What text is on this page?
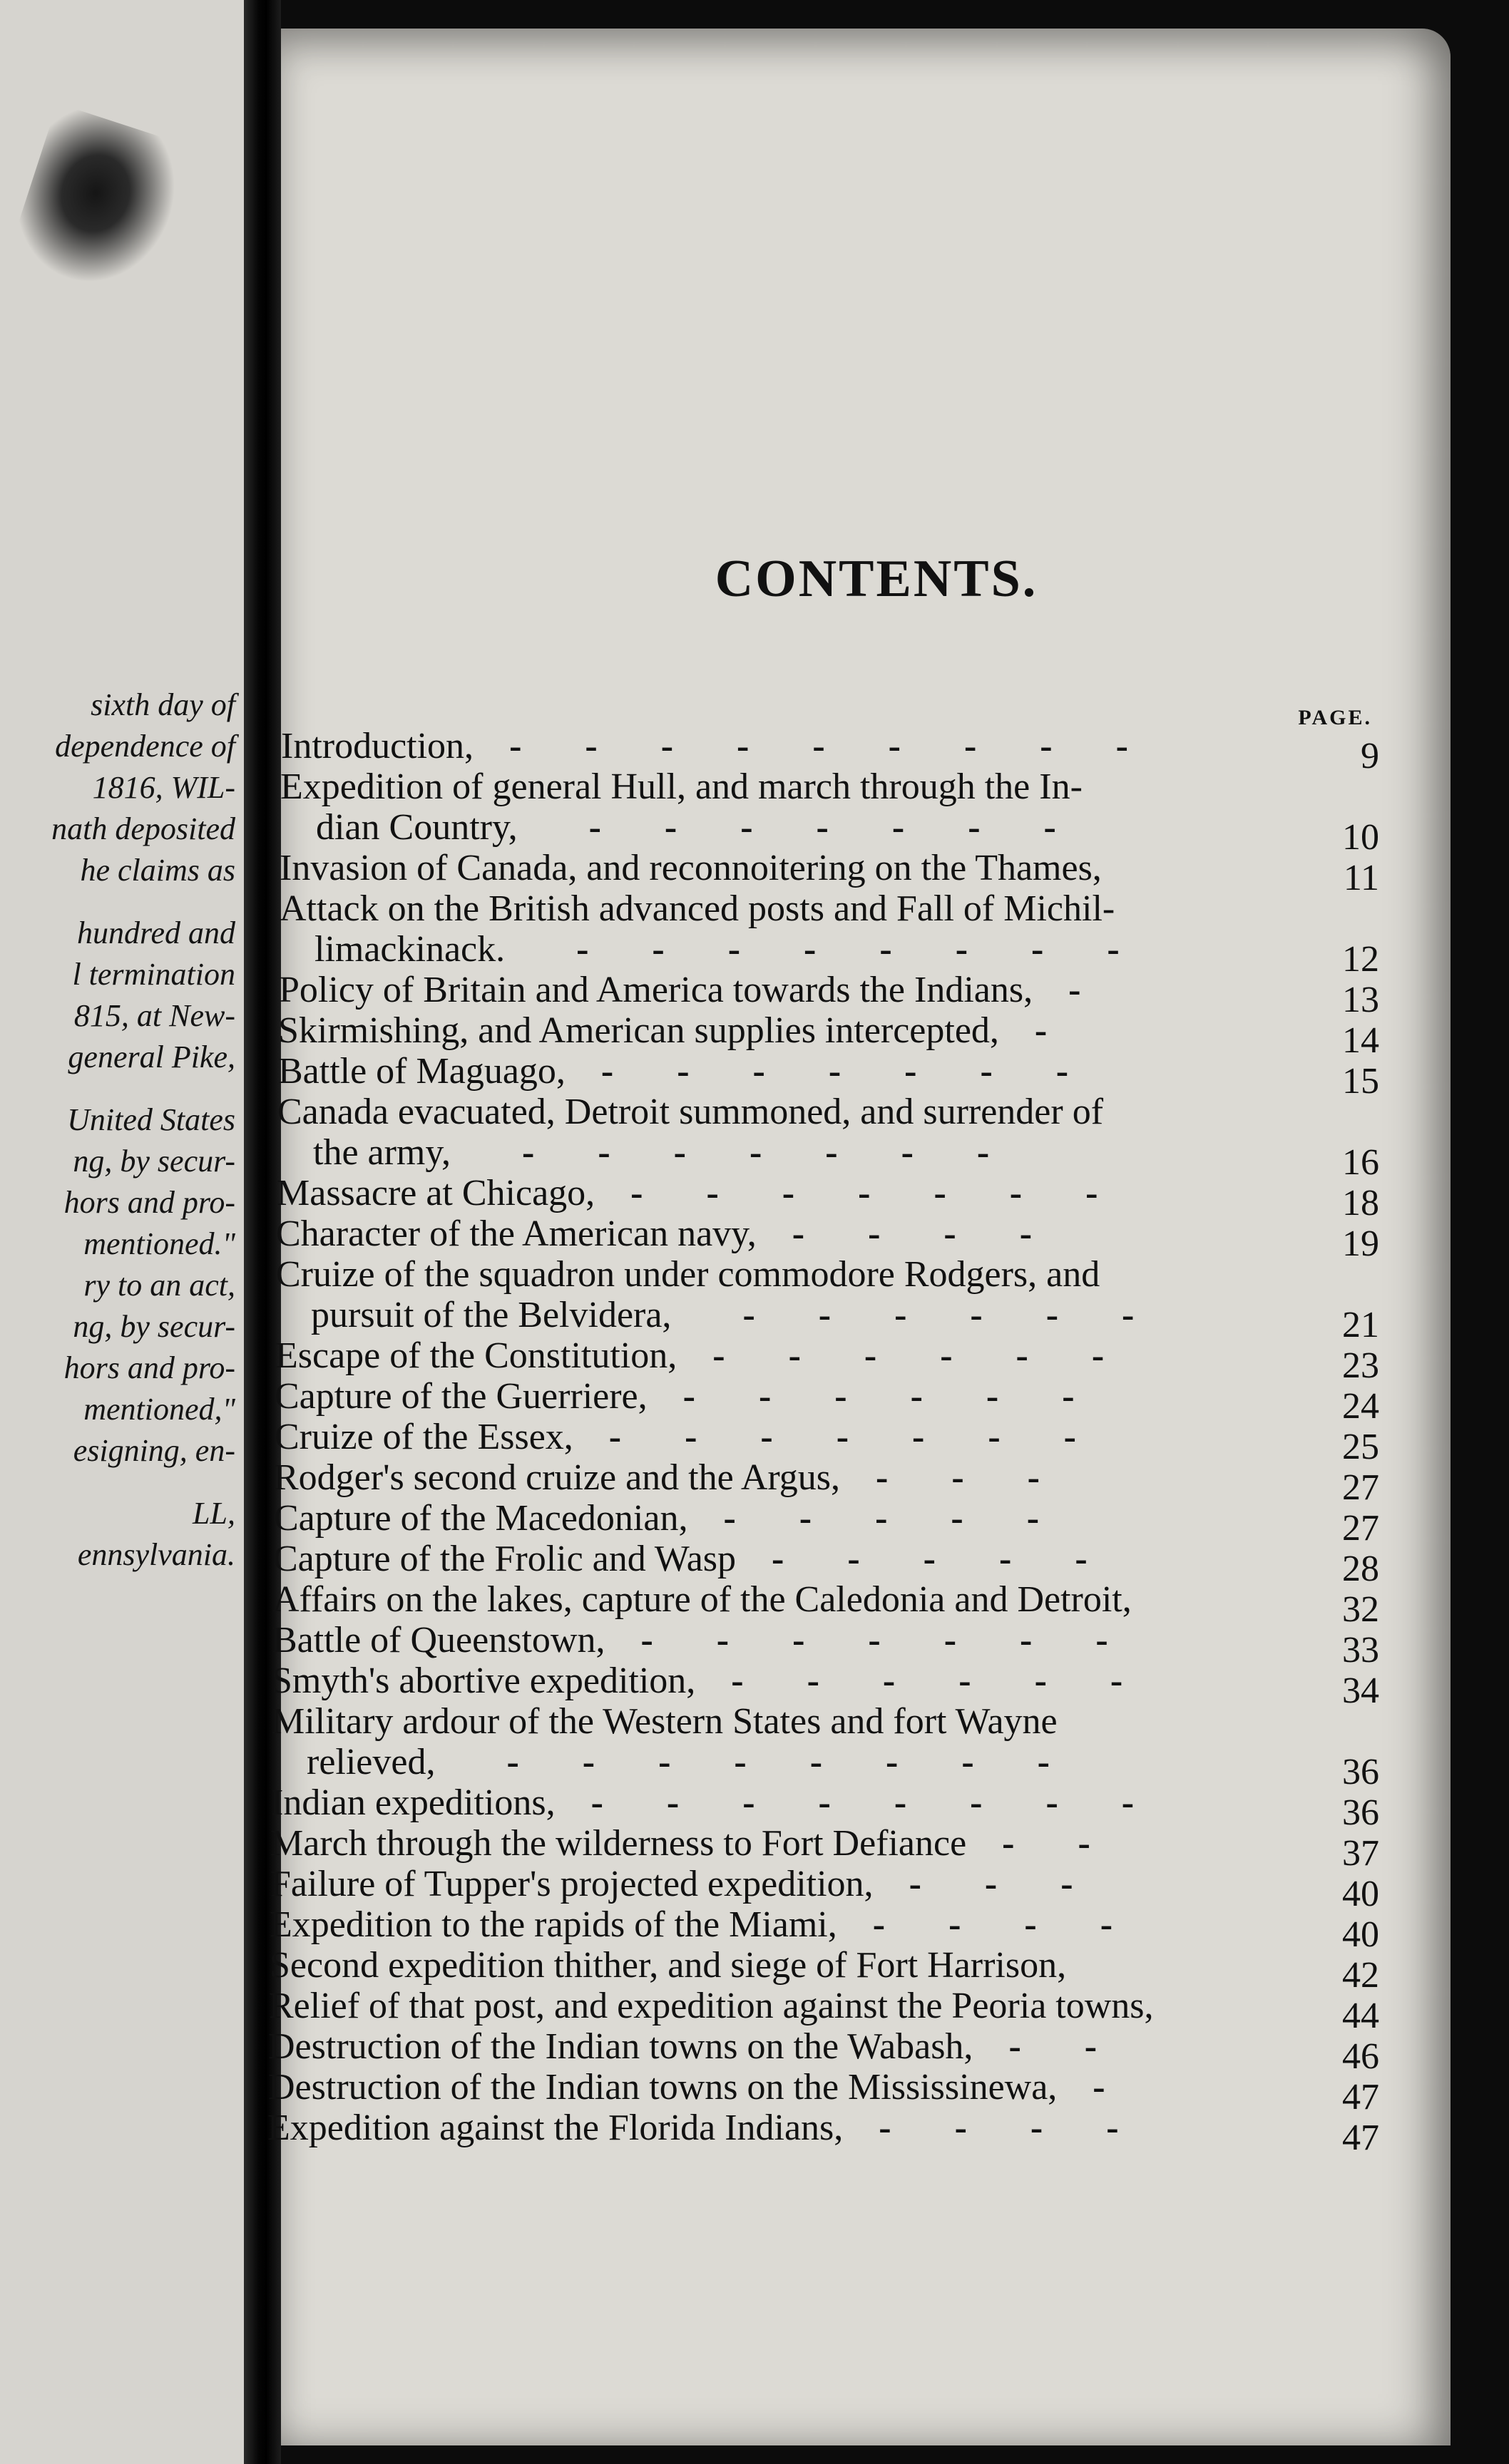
sixth day of
dependence of
1816, WIL-
nath deposited
he claims as
hundred and
l termination
815, at New-
general Pike,
United States
ng, by secur-
hors and pro-
mentioned."
ry to an act,
ng, by secur-
hors and pro-
mentioned,"
esigning, en-
LL,
ennsylvania.
CONTENTS.
PAGE.
Introduction, - - - - - - - - -	9
Expedition of general Hull, and march through the In-
dian Country, - - - - - - -	10
Invasion of Canada, and reconnoitering on the Thames,	11
Attack on the British advanced posts and Fall of Michil-
limackinack. - - - - - - - -	12
Policy of Britain and America towards the Indians, -	13
Skirmishing, and American supplies intercepted, -	14
Battle of Maguago, - - - - - - -	15
Canada evacuated, Detroit summoned, and surrender of
the army, - - - - - - -	16
Massacre at Chicago, - - - - - - -	18
Character of the American navy, - - - -	19
Cruize of the squadron under commodore Rodgers, and
pursuit of the Belvidera, - - - - - -	21
Escape of the Constitution, - - - - - -	23
Capture of the Guerriere, - - - - - -	24
Cruize of the Essex, - - - - - - -	25
Rodger's second cruize and the Argus, - - -	27
Capture of the Macedonian, - - - - -	27
Capture of the Frolic and Wasp - - - - -	28
Affairs on the lakes, capture of the Caledonia and Detroit,	32
Battle of Queenstown, - - - - - - -	33
Smyth's abortive expedition, - - - - - -	34
Military ardour of the Western States and fort Wayne
relieved, - - - - - - - -	36
Indian expeditions, - - - - - - - -	36
March through the wilderness to Fort Defiance - -	37
Failure of Tupper's projected expedition, - - -	40
Expedition to the rapids of the Miami, - - - -	40
Second expedition thither, and siege of Fort Harrison,	42
Relief of that post, and expedition against the Peoria towns,	44
Destruction of the Indian towns on the Wabash, - -	46
Destruction of the Indian towns on the Mississinewa, -	47
Expedition against the Florida Indians, - - - -	47
